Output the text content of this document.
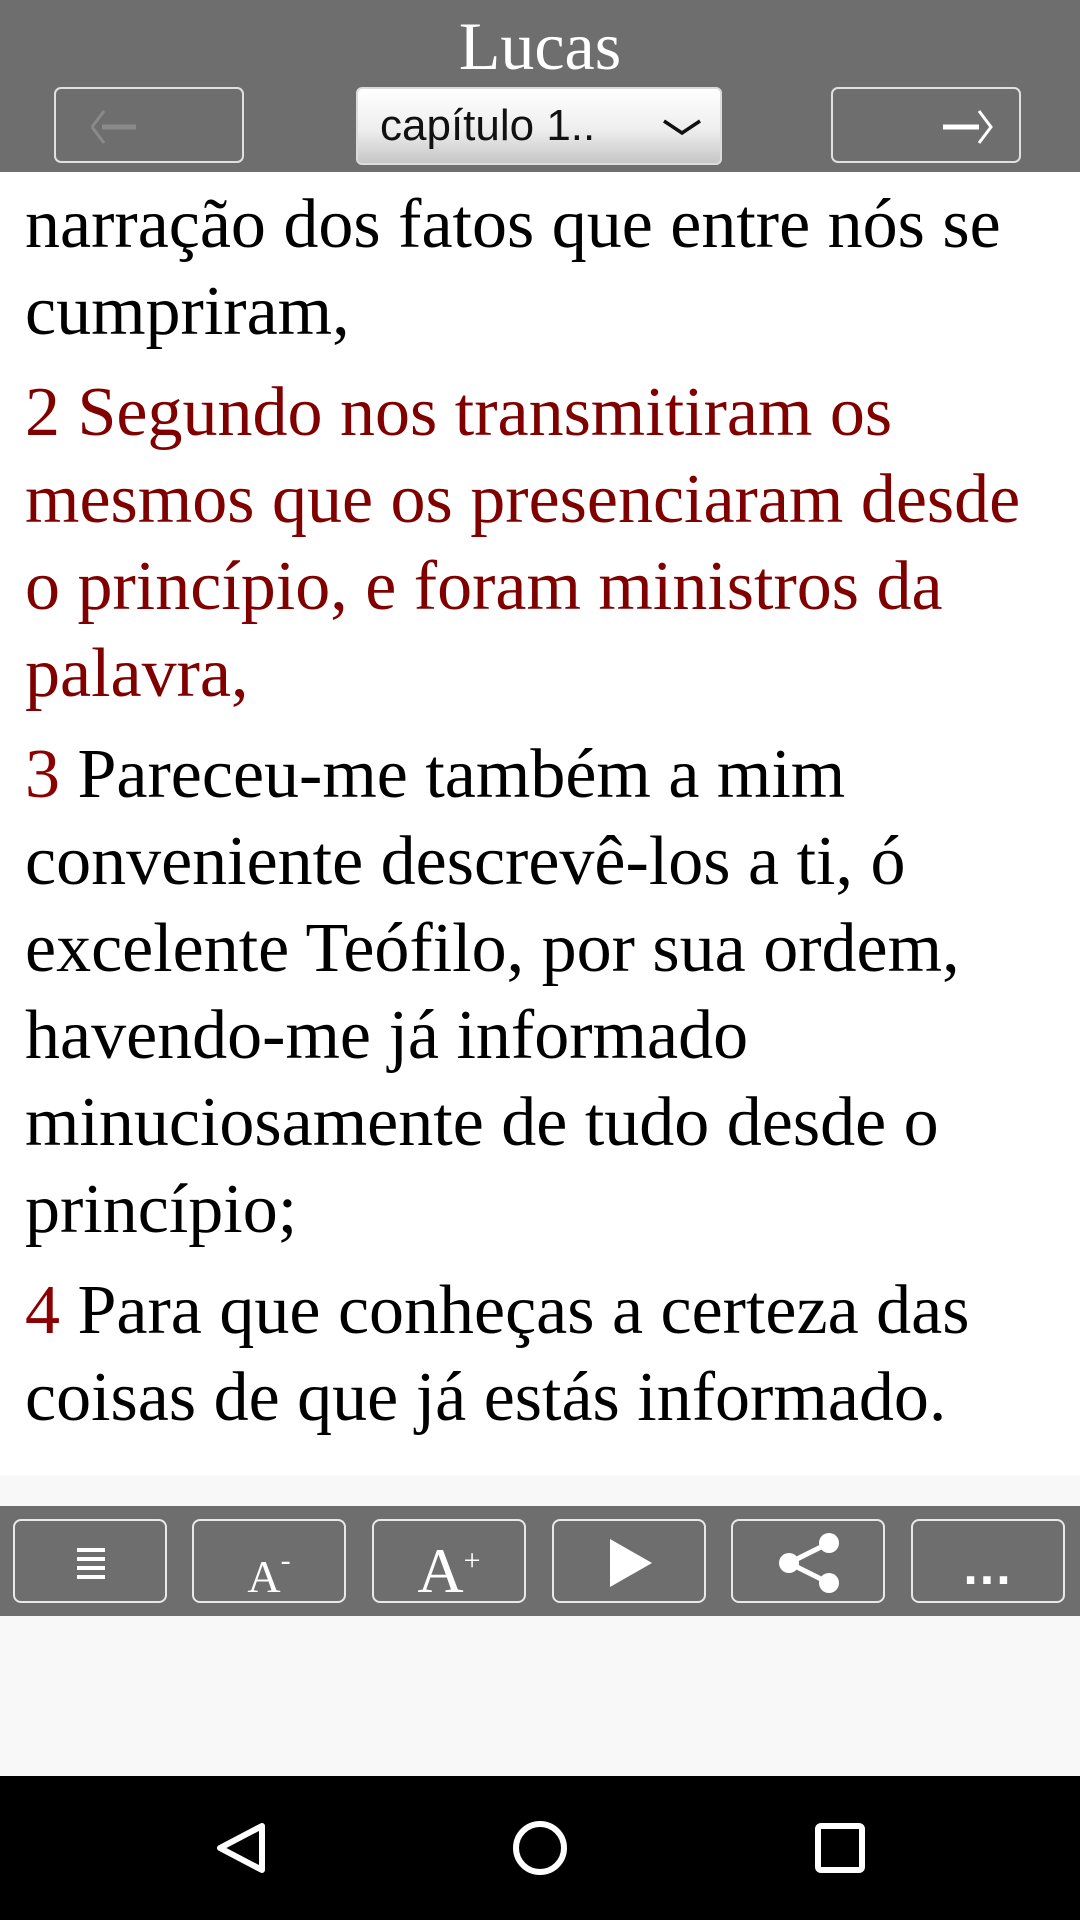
Lucas
capítulo 1..

narração dos fatos que entre nós se cumpriram,

2 Segundo nos transmitiram os mesmos que os presenciaram desde o princípio, e foram ministros da palavra,

3 Pareceu-me também a mim conveniente descrevê-los a ti, ó excelente Teófilo, por sua ordem, havendo-me já informado minuciosamente de tudo desde o princípio;

4 Para que conheças a certeza das coisas de que já estás informado.

A-	A+	...
